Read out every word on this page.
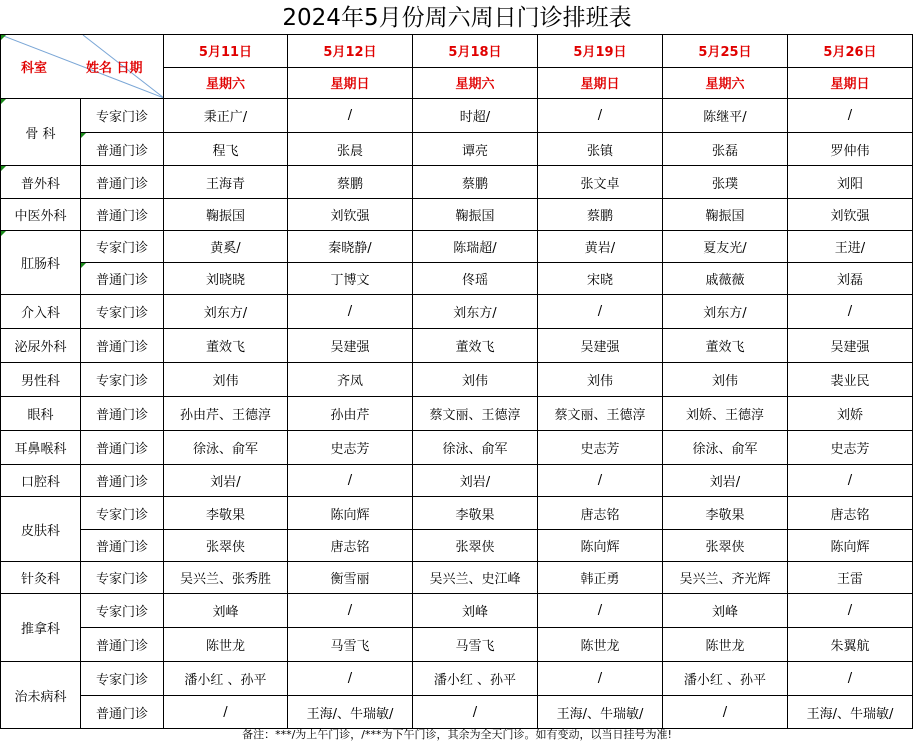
2024年5月份周六周日门诊排班表
科室 姓名 日期		5月11日	5月12日	5月18日	5月19日	5月25日	5月26日
		星期六	星期日	星期六	星期日	星期六	星期日
骨 科	专家门诊	秉正广/	/	时超/	/	陈继平/	/
	普通门诊	程飞	张晨	谭亮	张镇	张磊	罗仲伟
普外科	普通门诊	王海青	蔡鹏	蔡鹏	张文卓	张璞	刘阳
中医外科	普通门诊	鞠振国	刘钦强	鞠振国	蔡鹏	鞠振国	刘钦强
肛肠科	专家门诊	黄奚/	秦晓静/	陈瑞超/	黄岩/	夏友光/	王进/
	普通门诊	刘晓晓	丁博文	佟瑶	宋晓	戚薇薇	刘磊
介入科	专家门诊	刘东方/	/	刘东方/	/	刘东方/	/
泌尿外科	普通门诊	董效飞	吴建强	董效飞	吴建强	董效飞	吴建强
男性科	专家门诊	刘伟	齐凤	刘伟	刘伟	刘伟	裴业民
眼科	普通门诊	孙由芹、王德淳	孙由芹	蔡文丽、王德淳	蔡文丽、王德淳	刘娇、王德淳	刘娇
耳鼻喉科	普通门诊	徐泳、俞军	史志芳	徐泳、俞军	史志芳	徐泳、俞军	史志芳
口腔科	普通门诊	刘岩/	/	刘岩/	/	刘岩/	/
皮肤科	专家门诊	李敬果	陈向辉	李敬果	唐志铭	李敬果	唐志铭
	普通门诊	张翠侠	唐志铭	张翠侠	陈向辉	张翠侠	陈向辉
针灸科	专家门诊	吴兴兰、张秀胜	衡雪丽	吴兴兰、史江峰	韩正勇	吴兴兰、齐光辉	王雷
推拿科	专家门诊	刘峰	/	刘峰	/	刘峰	/
	普通门诊	陈世龙	马雪飞	马雪飞	陈世龙	陈世龙	朱翼航
治未病科	专家门诊	潘小红 、孙平	/	潘小红 、孙平	/	潘小红 、孙平	/
	普通门诊	/	王海/、牛瑞敏/	/	王海/、牛瑞敏/	/	王海/、牛瑞敏/
备注：***/为上午门诊，/***为下午门诊，其余为全天门诊。如有变动，以当日挂号为准!
